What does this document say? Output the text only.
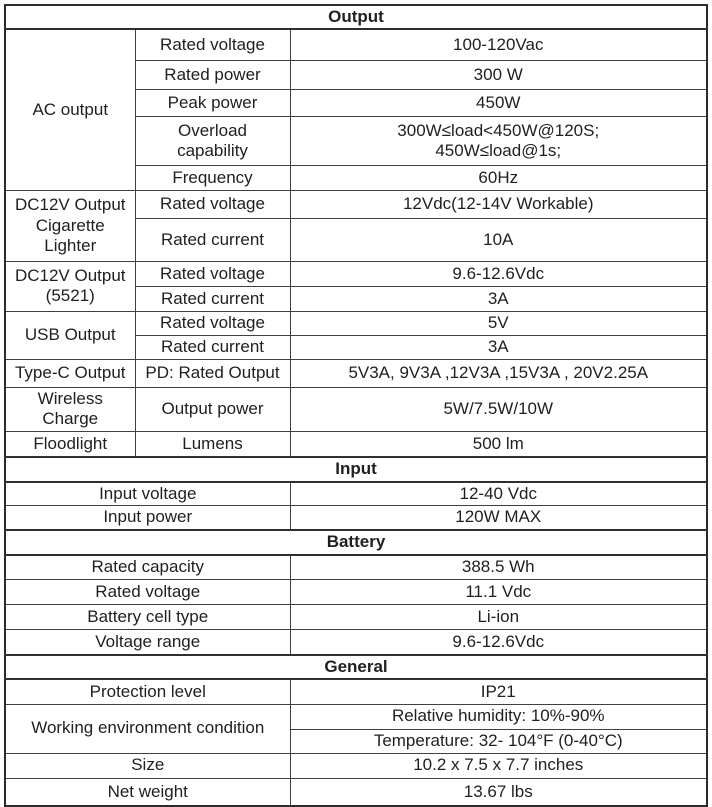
Output		
AC output	Rated voltage	100-120Vac
	Rated power	300 W
	Peak power	450W
	Overload capability	300W≤load<450W@120S;
450W≤load@1s;

	Frequency	60Hz
DC12V Output Cigarette Lighter	Rated voltage	12Vdc(12-14V Workable)
	Rated current	10A
DC12V Output (5521)	Rated voltage	9.6-12.6Vdc
	Rated current	3A
USB Output	Rated voltage	5V
	Rated current	3A
Type-C Output	PD: Rated Output	5V3A, 9V3A ,12V3A ,15V3A , 20V2.25A
Wireless Charge	Output power	5W/7.5W/10W
Floodlight	Lumens	500 lm
Input		
Input voltage		12-40 Vdc
Input power		120W MAX
Battery		
Rated capacity		388.5 Wh
Rated voltage		11.1 Vdc
Battery cell type		Li-ion
Voltage range		9.6-12.6Vdc
General		
Protection level		IP21
Working environment condition		Relative humidity: 10%-90%
		Temperature: 32- 104°F (0-40°C)
Size		10.2 x 7.5 x 7.7 inches
Net weight		13.67 lbs
